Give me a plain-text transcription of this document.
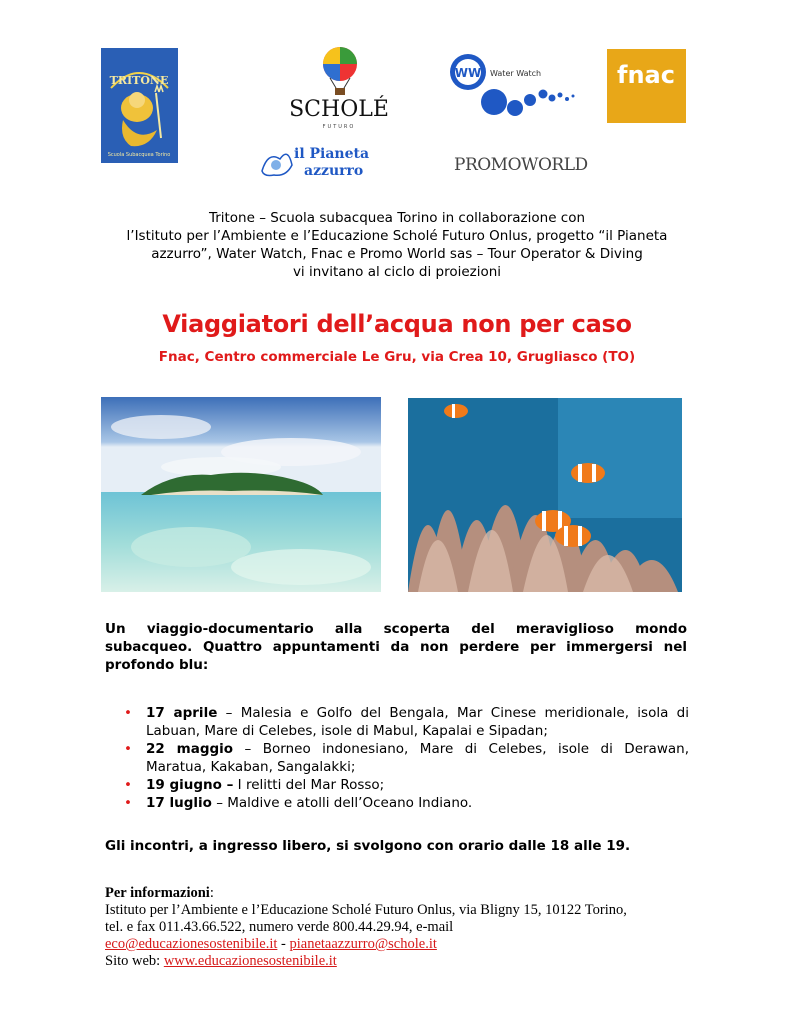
TRITONE
Scuola Subacquea Torino
SCHOLÉ
FUTURO
WW Water Watch	fnac
il Pianeta
azzurro	PROMOWORLD
Tritone – Scuola subacquea Torino in collaborazione con
l’Istituto per l’Ambiente e l’Educazione Scholé Futuro Onlus, progetto “il Pianeta
azzurro”, Water Watch, Fnac e Promo World sas – Tour Operator & Diving
vi invitano al ciclo di proiezioni
Viaggiatori dell’acqua non per caso
Fnac, Centro commerciale Le Gru, via Crea 10, Grugliasco (TO)
Un viaggio-documentario alla scoperta del meraviglioso mondo
subacqueo. Quattro appuntamenti da non perdere per immergersi nel
profondo blu:
• 17 aprile – Malesia e Golfo del Bengala, Mar Cinese meridionale, isola di
Labuan, Mare di Celebes, isole di Mabul, Kapalai e Sipadan;
• 22 maggio – Borneo indonesiano, Mare di Celebes, isole di Derawan,
Maratua, Kakaban, Sangalakki;
• 19 giugno – I relitti del Mar Rosso;
• 17 luglio – Maldive e atolli dell’Oceano Indiano.
Gli incontri, a ingresso libero, si svolgono con orario dalle 18 alle 19.
Per informazioni:
Istituto per l’Ambiente e l’Educazione Scholé Futuro Onlus, via Bligny 15, 10122 Torino,
tel. e fax 011.43.66.522, numero verde 800.44.29.94, e-mail
eco@educazionesostenibile.it - pianetaazzurro@schole.it
Sito web: www.educazionesostenibile.it
